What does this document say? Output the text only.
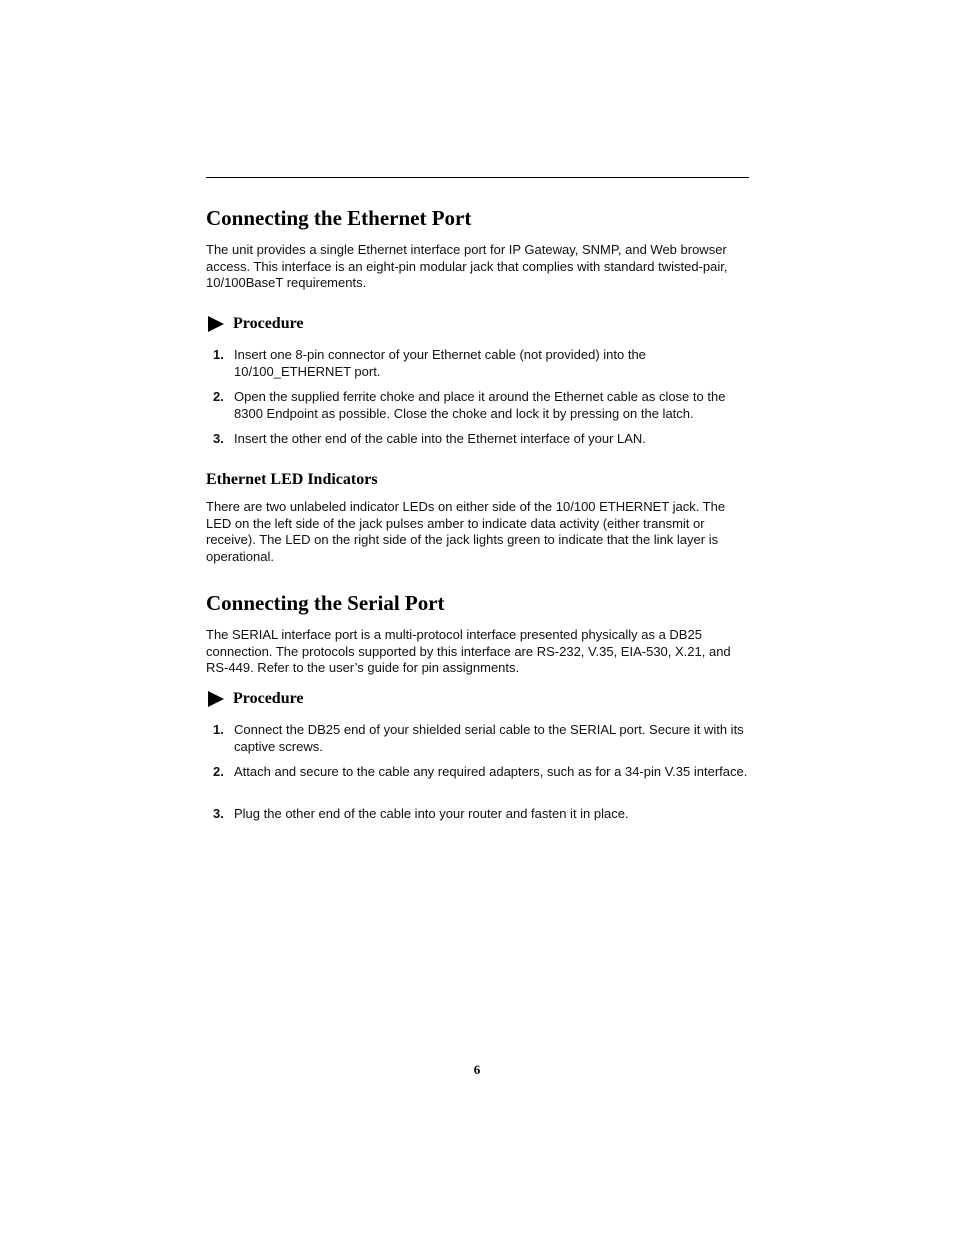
Connecting the Ethernet Port

The unit provides a single Ethernet interface port for IP Gateway, SNMP, and Web browser access. This interface is an eight-pin modular jack that complies with standard twisted-pair, 10/100BaseT requirements.

Procedure
1. Insert one 8-pin connector of your Ethernet cable (not provided) into the 10/100_ETHERNET port.
2. Open the supplied ferrite choke and place it around the Ethernet cable as close to the 8300 Endpoint as possible. Close the choke and lock it by pressing on the latch.
3. Insert the other end of the cable into the Ethernet interface of your LAN.
Ethernet LED Indicators

There are two unlabeled indicator LEDs on either side of the 10/100 ETHERNET jack. The LED on the left side of the jack pulses amber to indicate data activity (either transmit or receive). The LED on the right side of the jack lights green to indicate that the link layer is operational.

Connecting the Serial Port

The SERIAL interface port is a multi-protocol interface presented physically as a DB25 connection. The protocols supported by this interface are RS-232, V.35, EIA-530, X.21, and RS-449. Refer to the user’s guide for pin assignments.

Procedure
1. Connect the DB25 end of your shielded serial cable to the SERIAL port. Secure it with its captive screws.
2. Attach and secure to the cable any required adapters, such as for a 34-pin V.35 interface.
3. Plug the other end of the cable into your router and fasten it in place.
6
